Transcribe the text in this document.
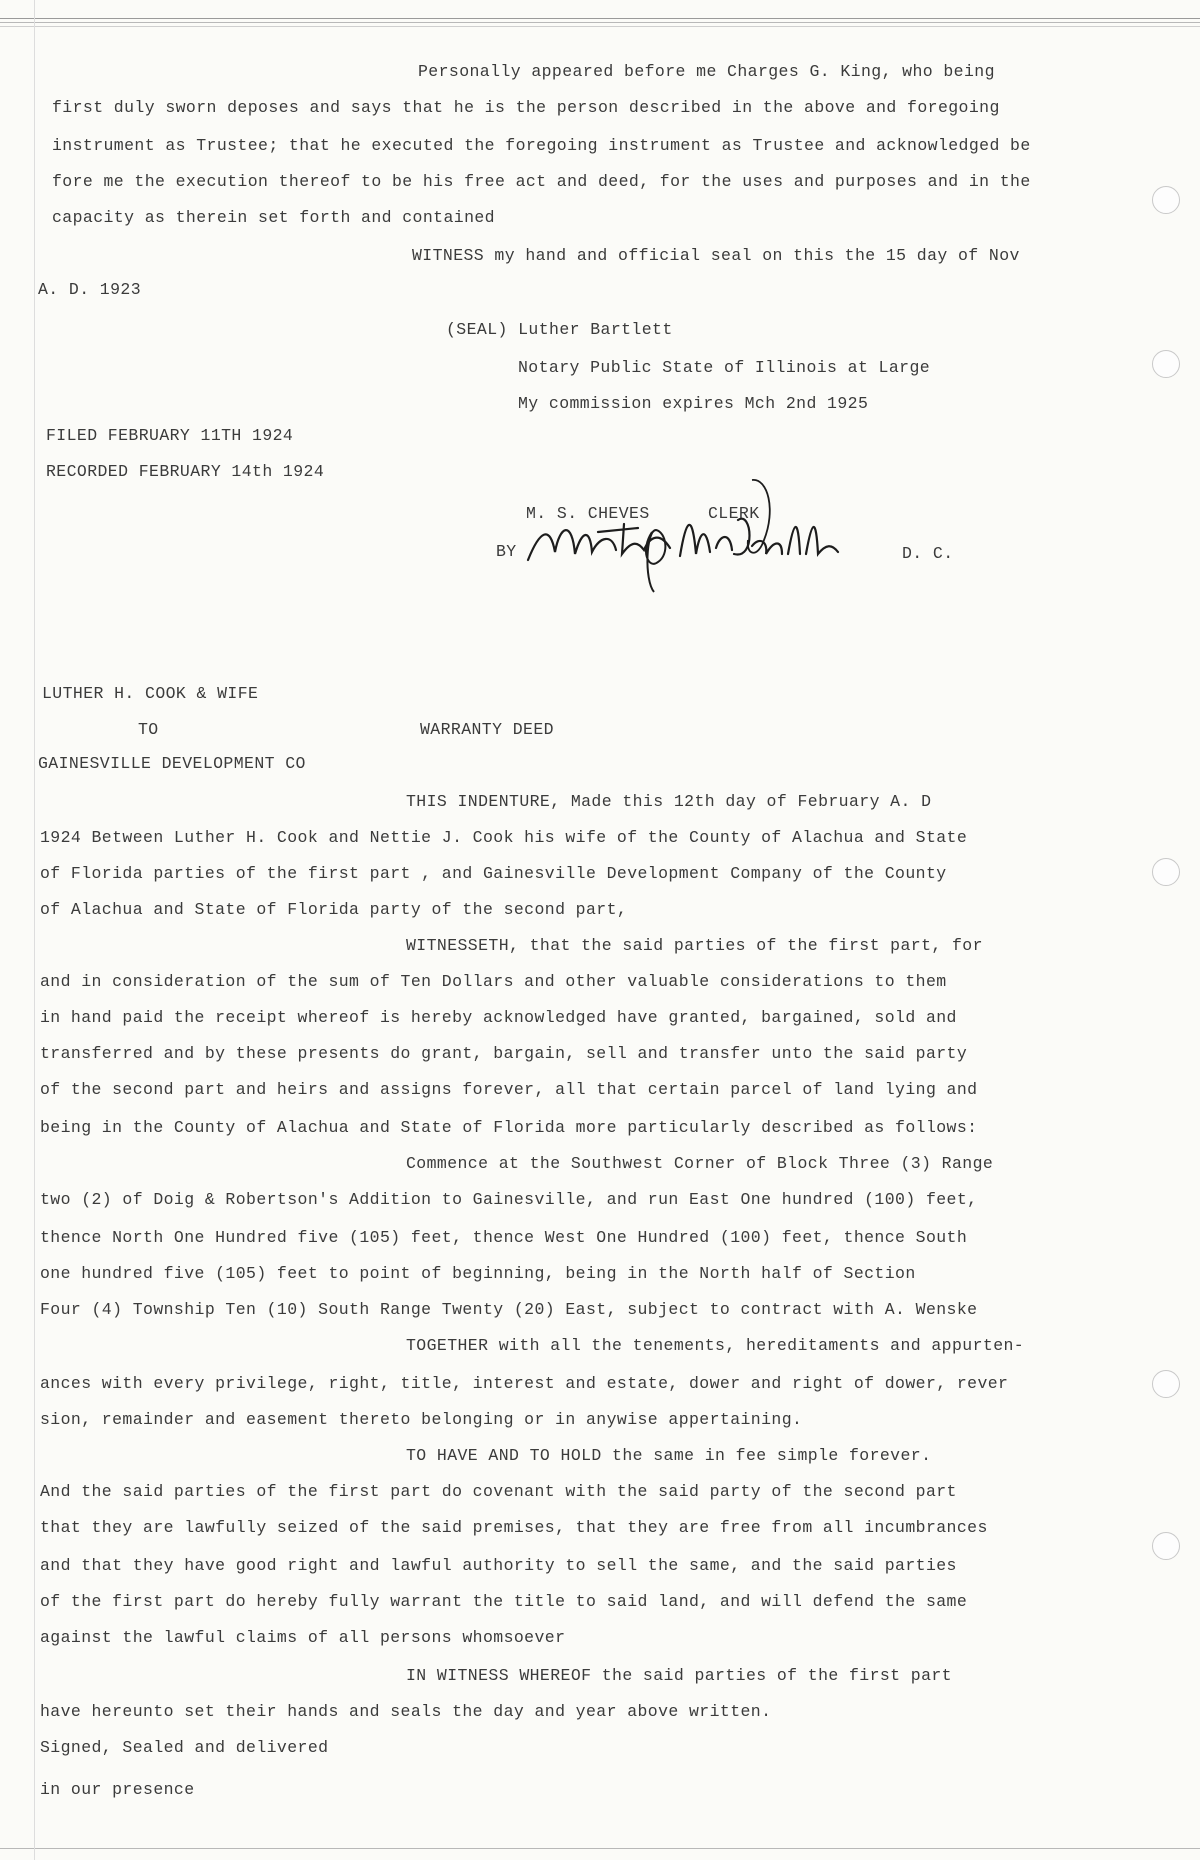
Personally appeared before me Charges G. King, who being
first duly sworn deposes and says that he is the person described in the above and foregoing
instrument as Trustee; that he executed the foregoing instrument as Trustee and acknowledged be
fore me the execution thereof to be his free act and deed, for the uses and purposes and in the
capacity as therein set forth and contained
WITNESS my hand and official seal on this the 15 day of Nov
A. D. 1923
(SEAL) Luther Bartlett
Notary Public State of Illinois at Large
My commission expires Mch 2nd 1925
FILED FEBRUARY 11TH 1924
RECORDED FEBRUARY 14th 1924
M. S. CHEVES	CLERK
BY	D. C.
LUTHER H. COOK & WIFE
TO	WARRANTY DEED
GAINESVILLE DEVELOPMENT CO
THIS INDENTURE, Made this 12th day of February A. D
1924 Between Luther H. Cook and Nettie J. Cook his wife of the County of Alachua and State
of Florida parties of the first part , and Gainesville Development Company of the County
of Alachua and State of Florida party of the second part,
WITNESSETH, that the said parties of the first part, for
and in consideration of the sum of Ten Dollars and other valuable considerations to them
in hand paid the receipt whereof is hereby acknowledged have granted, bargained, sold and
transferred and by these presents do grant, bargain, sell and transfer unto the said party
of the second part and heirs and assigns forever, all that certain parcel of land lying and
being in the County of Alachua and State of Florida more particularly described as follows:
Commence at the Southwest Corner of Block Three (3) Range
two (2) of Doig & Robertson's Addition to Gainesville, and run East One hundred (100) feet,
thence North One Hundred five (105) feet, thence West One Hundred (100) feet, thence South
one hundred five (105) feet to point of beginning, being in the North half of Section
Four (4) Township Ten (10) South Range Twenty (20) East, subject to contract with A. Wenske
TOGETHER with all the tenements, hereditaments and appurten-
ances with every privilege, right, title, interest and estate, dower and right of dower, rever
sion, remainder and easement thereto belonging or in anywise appertaining.
TO HAVE AND TO HOLD the same in fee simple forever.
And the said parties of the first part do covenant with the said party of the second part
that they are lawfully seized of the said premises, that they are free from all incumbrances
and that they have good right and lawful authority to sell the same, and the said parties
of the first part do hereby fully warrant the title to said land, and will defend the same
against the lawful claims of all persons whomsoever
IN WITNESS WHEREOF the said parties of the first part
have hereunto set their hands and seals the day and year above written.
Signed, Sealed and delivered
in our presence
